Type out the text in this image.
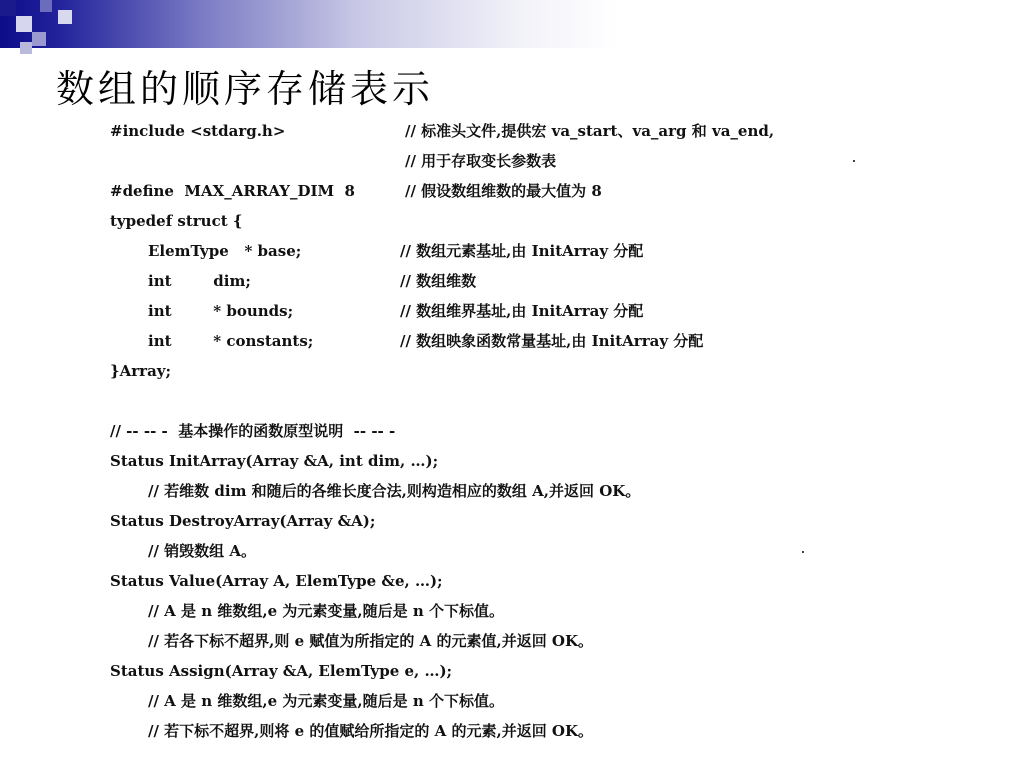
数组的顺序存储表示
#include <stdarg.h>	// 标准头文件,提供宏 va_start、va_arg 和 va_end,
// 用于存取变长参数表
#define  MAX_ARRAY_DIM  8	// 假设数组维数的最大值为 8
typedef struct {
ElemType   * base;	// 数组元素基址,由 InitArray 分配
int        dim;	// 数组维数
int        * bounds;	// 数组维界基址,由 InitArray 分配
int        * constants;	// 数组映象函数常量基址,由 InitArray 分配
}Array;
// -- -- -  基本操作的函数原型说明  -- -- -
Status InitArray(Array &A, int dim, …);
// 若维数 dim 和随后的各维长度合法,则构造相应的数组 A,并返回 OK。
Status DestroyArray(Array &A);
// 销毁数组 A。
Status Value(Array A, ElemType &e, …);
// A 是 n 维数组,e 为元素变量,随后是 n 个下标值。
// 若各下标不超界,则 e 赋值为所指定的 A 的元素值,并返回 OK。
Status Assign(Array &A, ElemType e, …);
// A 是 n 维数组,e 为元素变量,随后是 n 个下标值。
// 若下标不超界,则将 e 的值赋给所指定的 A 的元素,并返回 OK。
